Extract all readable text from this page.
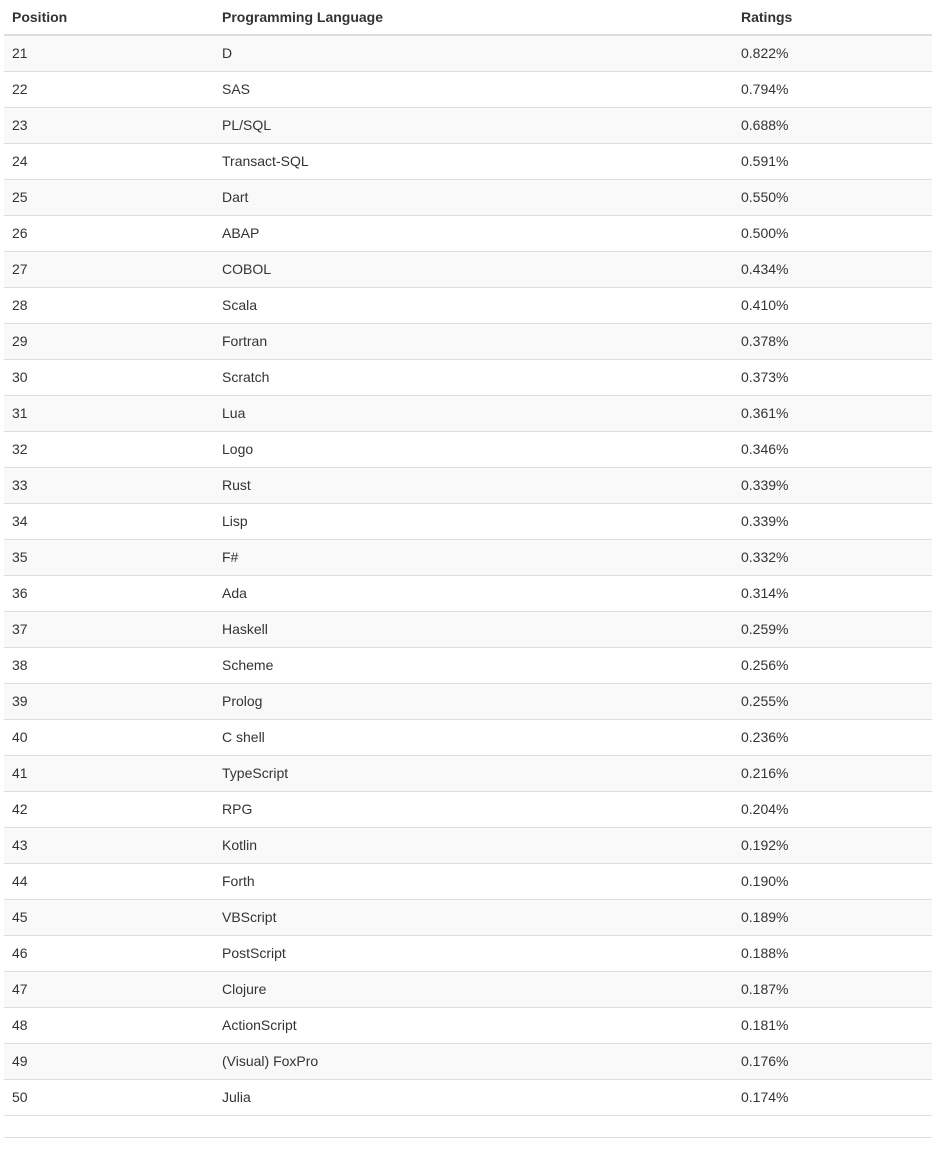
Position	Programming Language	Ratings
21	D	0.822%
22	SAS	0.794%
23	PL/SQL	0.688%
24	Transact-SQL	0.591%
25	Dart	0.550%
26	ABAP	0.500%
27	COBOL	0.434%
28	Scala	0.410%
29	Fortran	0.378%
30	Scratch	0.373%
31	Lua	0.361%
32	Logo	0.346%
33	Rust	0.339%
34	Lisp	0.339%
35	F#	0.332%
36	Ada	0.314%
37	Haskell	0.259%
38	Scheme	0.256%
39	Prolog	0.255%
40	C shell	0.236%
41	TypeScript	0.216%
42	RPG	0.204%
43	Kotlin	0.192%
44	Forth	0.190%
45	VBScript	0.189%
46	PostScript	0.188%
47	Clojure	0.187%
48	ActionScript	0.181%
49	(Visual) FoxPro	0.176%
50	Julia	0.174%
